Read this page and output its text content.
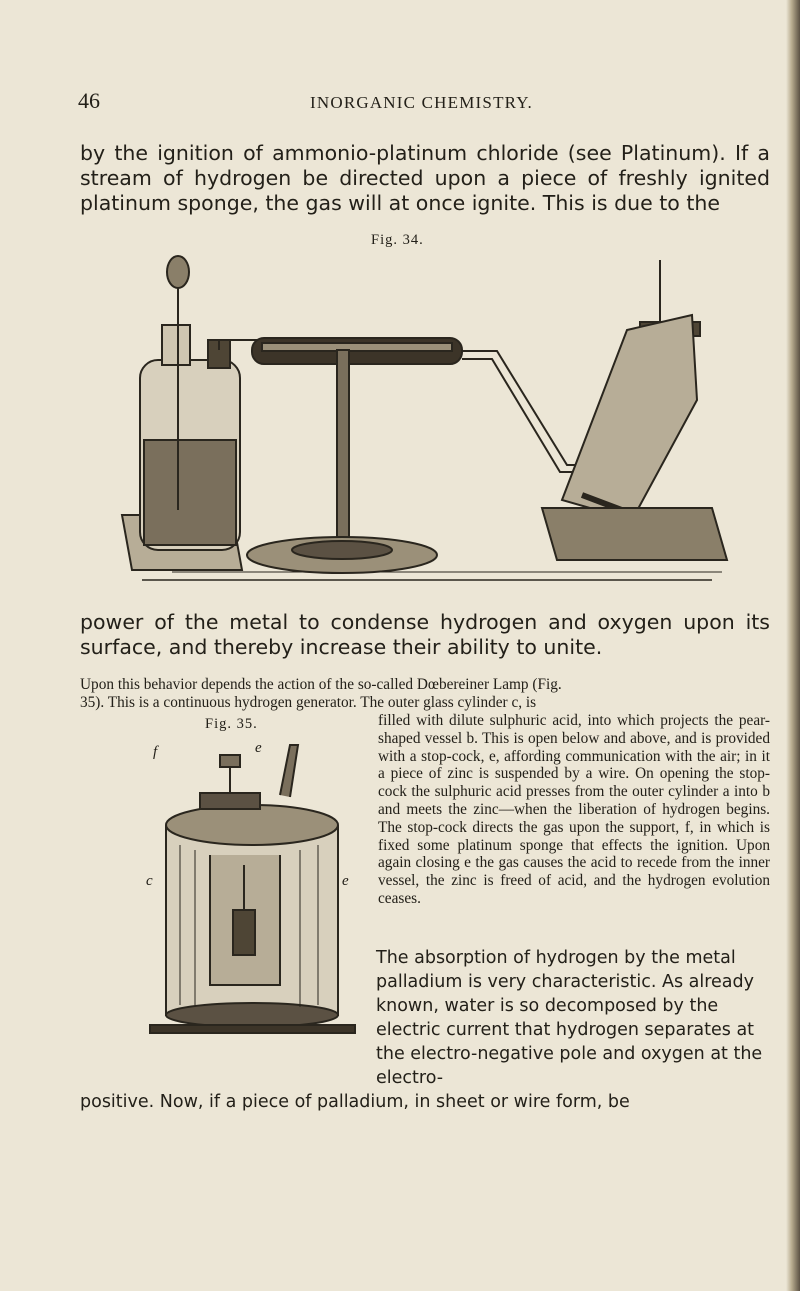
46	INORGANIC CHEMISTRY.
by the ignition of ammonio-platinum chloride (see Platinum). If a stream of hydrogen be directed upon a piece of freshly ignited platinum sponge, the gas will at once ignite. This is due to the
Fig. 34.
power of the metal to condense hydrogen and oxygen upon its surface, and thereby increase their ability to unite.
Upon this behavior depends the action of the so-called Dœbereiner Lamp (Fig.
35). This is a continuous hydrogen generator. The outer glass cylinder c, is
Fig. 35.	filled with dilute sulphuric acid, into which projects the pear-shaped vessel b. This is open below and above, and is provided with a stop-cock, e, affording communication with the air; in it a piece of zinc is suspended by a wire. On opening the stop-cock the sulphuric acid presses from the outer cylinder a into b and meets the zinc—when the liberation of hydrogen begins. The stop-cock directs the gas upon the support, f, in which is fixed some platinum sponge that effects the ignition. Upon again closing e the gas causes the acid to recede from the inner vessel, the zinc is freed of acid, and the hydrogen evolution ceases.
f	e
c	e
The absorption of hydrogen by the metal palladium is very characteristic. As already known, water is so decomposed by the electric current that hydrogen separates at the electro-negative pole and oxygen at the electro-
positive. Now, if a piece of palladium, in sheet or wire form, be
